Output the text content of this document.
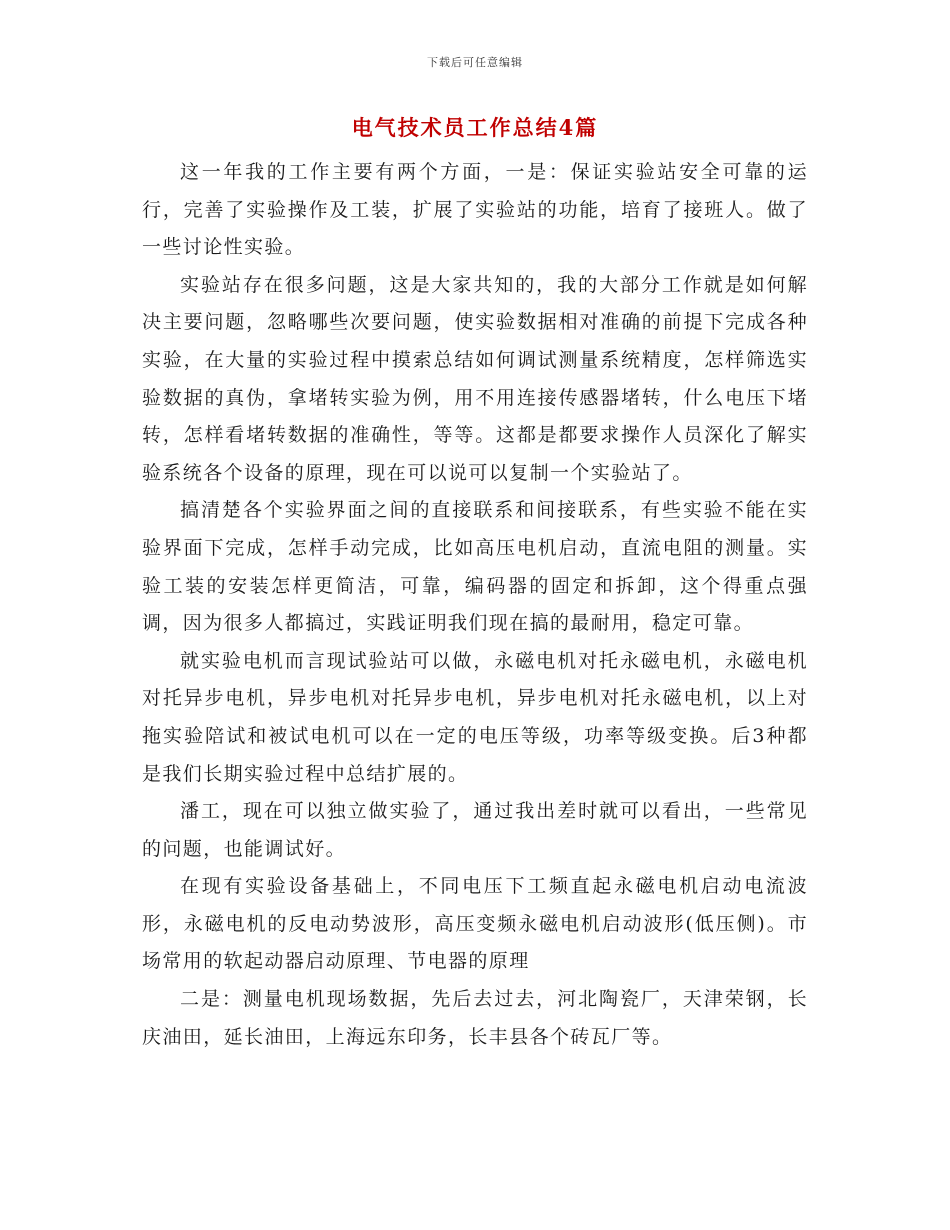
下载后可任意编辑
电气技术员工作总结4篇

这一年我的工作主要有两个方面，一是：保证实验站安全可靠的运行，完善了实验操作及工装，扩展了实验站的功能，培育了接班人。做了一些讨论性实验。

实验站存在很多问题，这是大家共知的，我的大部分工作就是如何解决主要问题，忽略哪些次要问题，使实验数据相对准确的前提下完成各种实验，在大量的实验过程中摸索总结如何调试测量系统精度，怎样筛选实验数据的真伪，拿堵转实验为例，用不用连接传感器堵转，什么电压下堵转，怎样看堵转数据的准确性，等等。这都是都要求操作人员深化了解实验系统各个设备的原理，现在可以说可以复制一个实验站了。

搞清楚各个实验界面之间的直接联系和间接联系，有些实验不能在实验界面下完成，怎样手动完成，比如高压电机启动，直流电阻的测量。实验工装的安装怎样更简洁，可靠，编码器的固定和拆卸，这个得重点强调，因为很多人都搞过，实践证明我们现在搞的最耐用，稳定可靠。

就实验电机而言现试验站可以做，永磁电机对托永磁电机，永磁电机对托异步电机，异步电机对托异步电机，异步电机对托永磁电机，以上对拖实验陪试和被试电机可以在一定的电压等级，功率等级变换。后3种都是我们长期实验过程中总结扩展的。

潘工，现在可以独立做实验了，通过我出差时就可以看出，一些常见的问题，也能调试好。

在现有实验设备基础上，不同电压下工频直起永磁电机启动电流波形，永磁电机的反电动势波形，高压变频永磁电机启动波形(低压侧)。市场常用的软起动器启动原理、节电器的原理

二是：测量电机现场数据，先后去过去，河北陶瓷厂，天津荣钢，长庆油田，延长油田，上海远东印务，长丰县各个砖瓦厂等。
